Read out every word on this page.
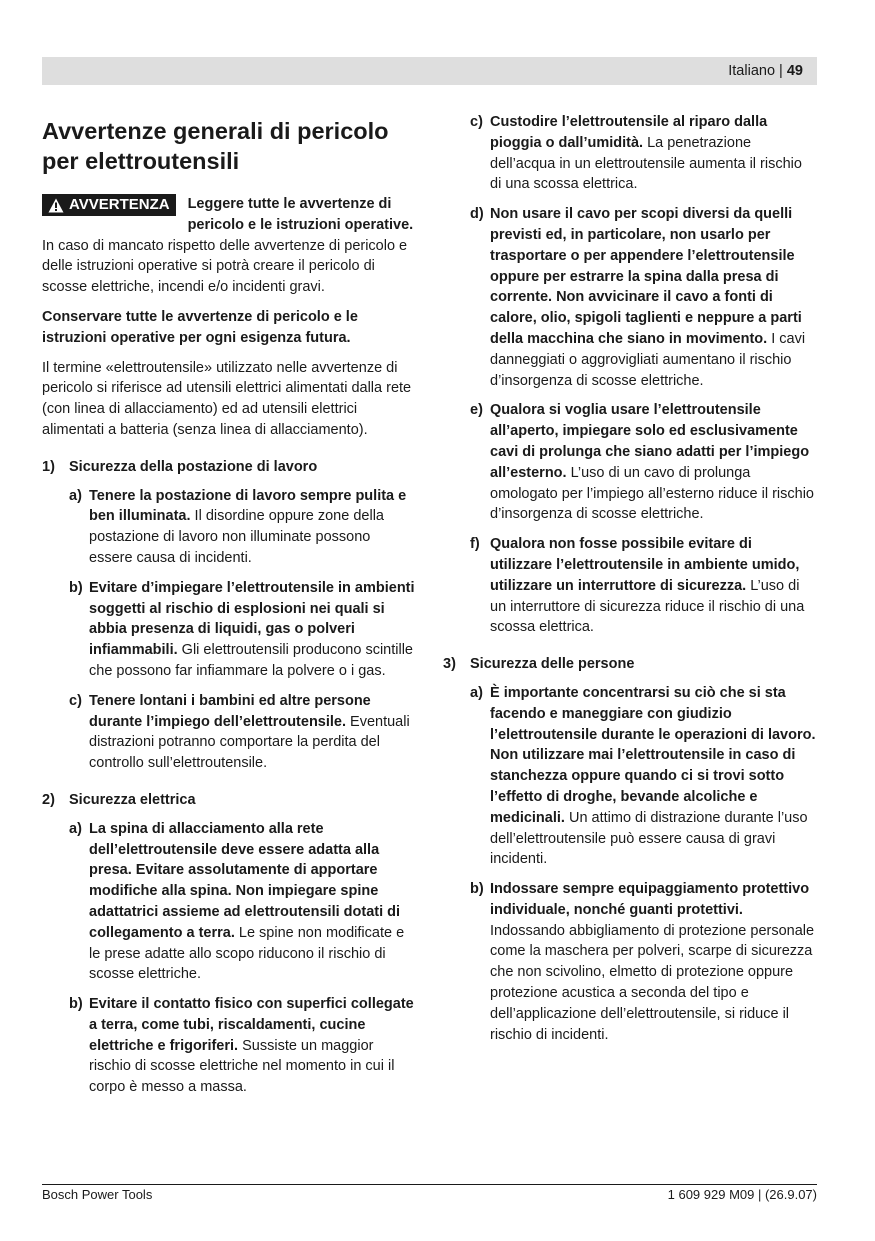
Italiano | 49
Avvertenze generali di pericolo per elettroutensili
AVVERTENZA Leggere tutte le avvertenze di pericolo e le istruzioni operative. In caso di mancato rispetto delle avvertenze di pericolo e delle istruzioni operative si potrà creare il pericolo di scosse elettriche, incendi e/o incidenti gravi.

Conservare tutte le avvertenze di pericolo e le istruzioni operative per ogni esigenza futura.

Il termine «elettroutensile» utilizzato nelle avvertenze di pericolo si riferisce ad utensili elettrici alimentati dalla rete (con linea di allacciamento) ed ad utensili elettrici alimentati a batteria (senza linea di allacciamento).

1) Sicurezza della postazione di lavoro
a) Tenere la postazione di lavoro sempre pulita e ben illuminata. Il disordine oppure zone della postazione di lavoro non illuminate possono essere causa di incidenti.
b) Evitare d’impiegare l’elettroutensile in ambienti soggetti al rischio di esplosioni nei quali si abbia presenza di liquidi, gas o polveri infiammabili. Gli elettroutensili producono scintille che possono far infiammare la polvere o i gas.
c) Tenere lontani i bambini ed altre persone durante l’impiego dell’elettroutensile. Eventuali distrazioni potranno comportare la perdita del controllo sull’elettroutensile.
2) Sicurezza elettrica
a) La spina di allacciamento alla rete dell’elettroutensile deve essere adatta alla presa. Evitare assolutamente di apportare modifiche alla spina. Non impiegare spine adattatrici assieme ad elettroutensili dotati di collegamento a terra. Le spine non modificate e le prese adatte allo scopo riducono il rischio di scosse elettriche.
b) Evitare il contatto fisico con superfici collegate a terra, come tubi, riscaldamenti, cucine elettriche e frigoriferi. Sussiste un maggior rischio di scosse elettriche nel momento in cui il corpo è messo a massa.
c) Custodire l’elettroutensile al riparo dalla pioggia o dall’umidità. La penetrazione dell’acqua in un elettroutensile aumenta il rischio di una scossa elettrica.
d) Non usare il cavo per scopi diversi da quelli previsti ed, in particolare, non usarlo per trasportare o per appendere l’elettroutensile oppure per estrarre la spina dalla presa di corrente. Non avvicinare il cavo a fonti di calore, olio, spigoli taglienti e neppure a parti della macchina che siano in movimento. I cavi danneggiati o aggrovigliati aumentano il rischio d’insorgenza di scosse elettriche.
e) Qualora si voglia usare l’elettroutensile all’aperto, impiegare solo ed esclusivamente cavi di prolunga che siano adatti per l’impiego all’esterno. L’uso di un cavo di prolunga omologato per l’impiego all’esterno riduce il rischio d’insorgenza di scosse elettriche.
f) Qualora non fosse possibile evitare di utilizzare l’elettroutensile in ambiente umido, utilizzare un interruttore di sicurezza. L’uso di un interruttore di sicurezza riduce il rischio di una scossa elettrica.
3) Sicurezza delle persone
a) È importante concentrarsi su ciò che si sta facendo e maneggiare con giudizio l’elettroutensile durante le operazioni di lavoro. Non utilizzare mai l’elettroutensile in caso di stanchezza oppure quando ci si trovi sotto l’effetto di droghe, bevande alcoliche e medicinali. Un attimo di distrazione durante l’uso dell’elettroutensile può essere causa di gravi incidenti.
b) Indossare sempre equipaggiamento protettivo individuale, nonché guanti protettivi. Indossando abbigliamento di protezione personale come la maschera per polveri, scarpe di sicurezza che non scivolino, elmetto di protezione oppure protezione acustica a seconda del tipo e dell’applicazione dell’elettroutensile, si riduce il rischio di incidenti.
Bosch Power Tools	1 609 929 M09 | (26.9.07)
